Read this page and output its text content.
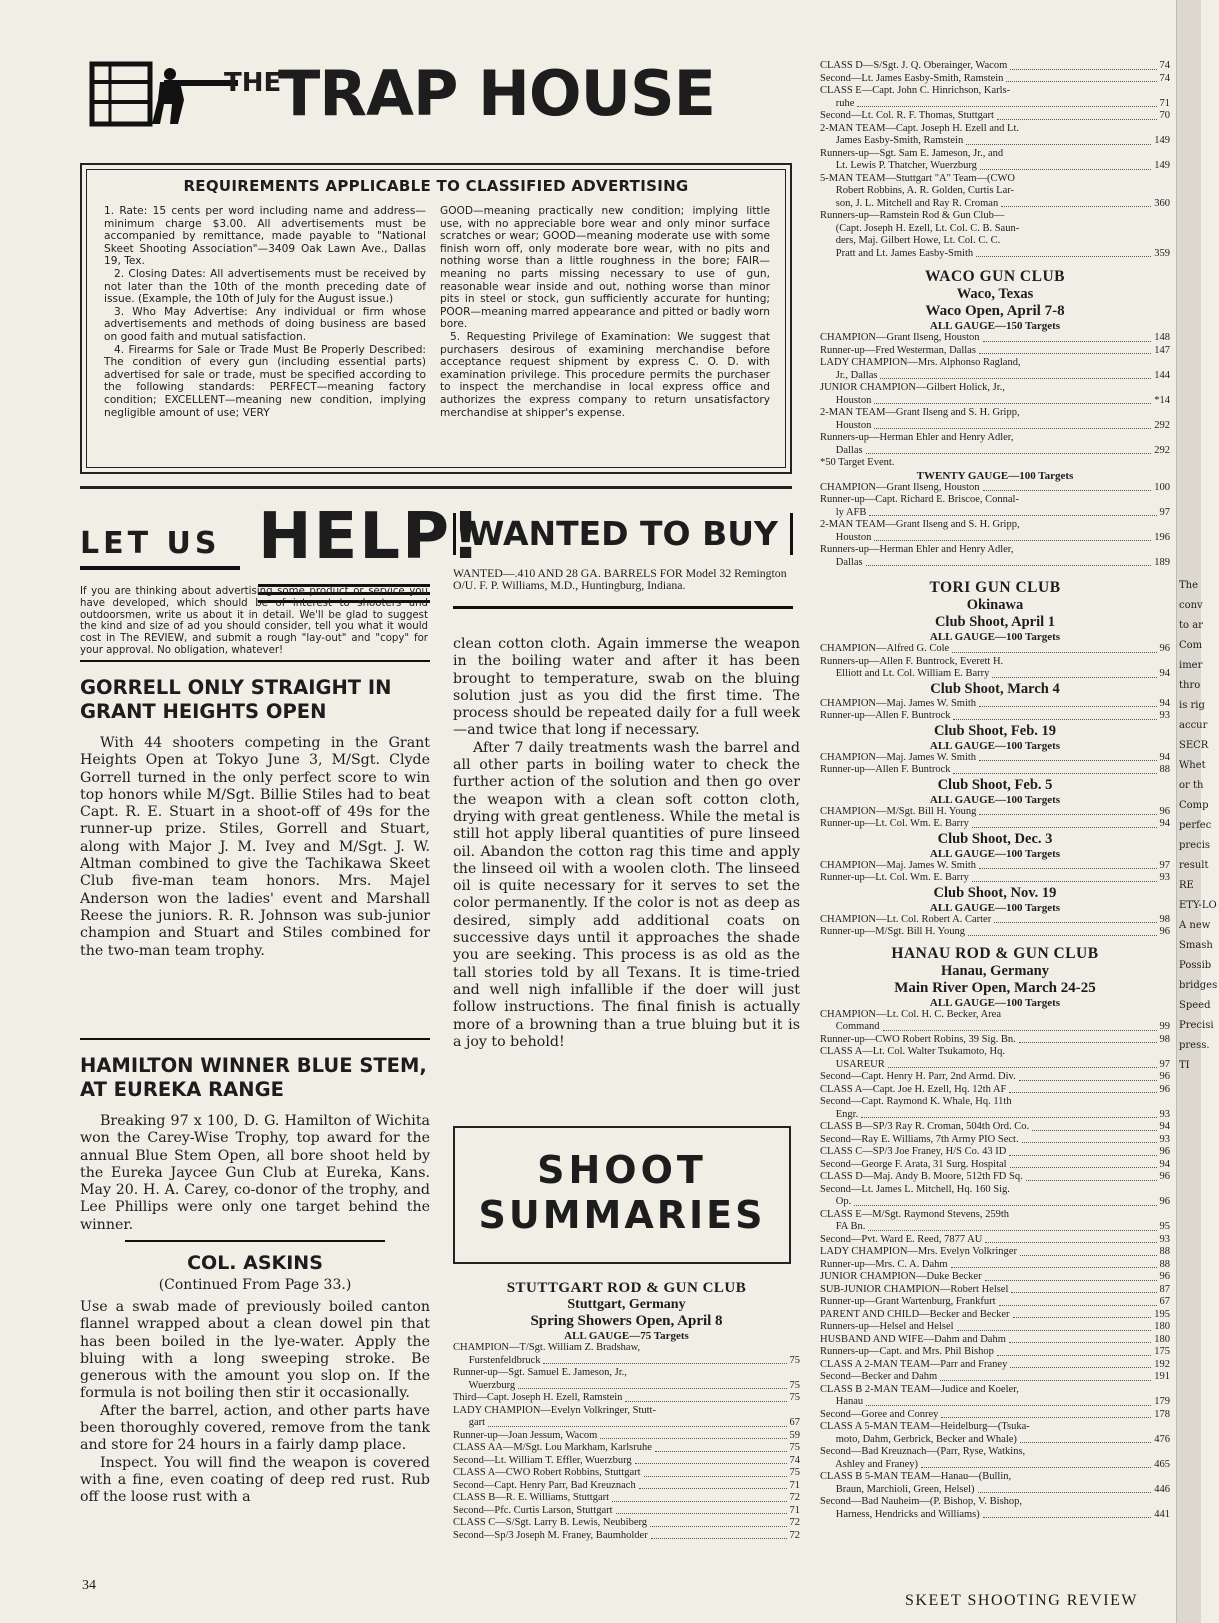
THE
TRAP HOUSE
REQUIREMENTS APPLICABLE TO CLASSIFIED ADVERTISING

1. Rate: 15 cents per word including name and address—minimum charge $3.00. All advertisements must be accompanied by remittance, made payable to "National Skeet Shooting Association"—3409 Oak Lawn Ave., Dallas 19, Tex.

2. Closing Dates: All advertisements must be received by not later than the 10th of the month preceding date of issue. (Example, the 10th of July for the August issue.)

3. Who May Advertise: Any individual or firm whose advertisements and methods of doing business are based on good faith and mutual satisfaction.

4. Firearms for Sale or Trade Must Be Properly Described: The condition of every gun (including essential parts) advertised for sale or trade, must be specified according to the following standards: PERFECT—meaning factory condition; EXCELLENT—meaning new condition, implying negligible amount of use; VERY

GOOD—meaning practically new condition; implying little use, with no appreciable bore wear and only minor surface scratches or wear; GOOD—meaning moderate use with some finish worn off, only moderate bore wear, with no pits and nothing worse than a little roughness in the bore; FAIR—meaning no parts missing necessary to use of gun, reasonable wear inside and out, nothing worse than minor pits in steel or stock, gun sufficiently accurate for hunting; POOR—meaning marred appearance and pitted or badly worn bore.

5. Requesting Privilege of Examination: We suggest that purchasers desirous of examining merchandise before acceptance request shipment by express C. O. D. with examination privilege. This procedure permits the purchaser to inspect the merchandise in local express office and authorizes the express company to return unsatisfactory merchandise at shipper's expense.

LET US HELP!

If you are thinking about advertising some product or service you have developed, which should be of interest to shooters and outdoorsmen, write us about it in detail. We'll be glad to suggest the kind and size of ad you should consider, tell you what it would cost in The REVIEW, and submit a rough "lay-out" and "copy" for your approval. No obligation, whatever!

WANTED TO BUY

WANTED—.410 AND 28 GA. BARRELS FOR Model 32 Remington O/U. F. P. Williams, M.D., Huntingburg, Indiana.

GORRELL ONLY STRAIGHT IN GRANT HEIGHTS OPEN

With 44 shooters competing in the Grant Heights Open at Tokyo June 3, M/Sgt. Clyde Gorrell turned in the only perfect score to win top honors while M/Sgt. Billie Stiles had to beat Capt. R. E. Stuart in a shoot-off of 49s for the runner-up prize. Stiles, Gorrell and Stuart, along with Major J. M. Ivey and M/Sgt. J. W. Altman combined to give the Tachikawa Skeet Club five-man team honors. Mrs. Majel Anderson won the ladies' event and Marshall Reese the juniors. R. R. Johnson was sub-junior champion and Stuart and Stiles combined for the two-man team trophy.

HAMILTON WINNER BLUE STEM, AT EUREKA RANGE

Breaking 97 x 100, D. G. Hamilton of Wichita won the Carey-Wise Trophy, top award for the annual Blue Stem Open, all bore shoot held by the Eureka Jaycee Gun Club at Eureka, Kans. May 20. H. A. Carey, co-donor of the trophy, and Lee Phillips were only one target behind the winner.

COL. ASKINS
(Continued From Page 33.)

Use a swab made of previously boiled canton flannel wrapped about a clean dowel pin that has been boiled in the lye-water. Apply the bluing with a long sweeping stroke. Be generous with the amount you slop on. If the formula is not boiling then stir it occasionally.

After the barrel, action, and other parts have been thoroughly covered, remove from the tank and store for 24 hours in a fairly damp place.

Inspect. You will find the weapon is covered with a fine, even coating of deep red rust. Rub off the loose rust with a

clean cotton cloth. Again immerse the weapon in the boiling water and after it has been brought to temperature, swab on the bluing solution just as you did the first time. The process should be repeated daily for a full week—and twice that long if necessary.

After 7 daily treatments wash the barrel and all other parts in boiling water to check the further action of the solution and then go over the weapon with a clean soft cotton cloth, drying with great gentleness. While the metal is still hot apply liberal quantities of pure linseed oil. Abandon the cotton rag this time and apply the linseed oil with a woolen cloth. The linseed oil is quite necessary for it serves to set the color permanently. If the color is not as deep as desired, simply add additional coats on successive days until it approaches the shade you are seeking. This process is as old as the tall stories told by all Texans. It is time-tried and well nigh infallible if the doer will just follow instructions. The final finish is actually more of a browning than a true bluing but it is a joy to behold!

SHOOT
SUMMARIES
STUTTGART ROD & GUN CLUB
Stuttgart, Germany
Spring Showers Open, April 8
ALL GAUGE—75 Targets
CHAMPION—T/Sgt. William Z. Bradshaw,
Furstenfeldbruck	75
Runner-up—Sgt. Samuel E. Jameson, Jr.,
Wuerzburg	75
Third—Capt. Joseph H. Ezell, Ramstein	75
LADY CHAMPION—Evelyn Volkringer, Stutt-
gart	67
Runner-up—Joan Jessum, Wacom	59
CLASS AA—M/Sgt. Lou Markham, Karlsruhe	75
Second—Lt. William T. Effler, Wuerzburg	74
CLASS A—CWO Robert Robbins, Stuttgart	75
Second—Capt. Henry Parr, Bad Kreuznach	71
CLASS B—R. E. Williams, Stuttgart	72
Second—Pfc. Curtis Larson, Stuttgart	71
CLASS C—S/Sgt. Larry B. Lewis, Neubiberg	72
Second—Sp/3 Joseph M. Franey, Baumholder	72
CLASS D—S/Sgt. J. Q. Oberainger, Wacom	74
Second—Lt. James Easby-Smith, Ramstein	74
CLASS E—Capt. John C. Hinrichson, Karls-
ruhe	71
Second—Lt. Col. R. F. Thomas, Stuttgart	70
2-MAN TEAM—Capt. Joseph H. Ezell and Lt.
James Easby-Smith, Ramstein	149
Runners-up—Sgt. Sam E. Jameson, Jr., and
Lt. Lewis P. Thatcher, Wuerzburg	149
5-MAN TEAM—Stuttgart "A" Team—(CWO
Robert Robbins, A. R. Golden, Curtis Lar-
son, J. L. Mitchell and Ray R. Croman	360
Runners-up—Ramstein Rod & Gun Club—
(Capt. Joseph H. Ezell, Lt. Col. C. B. Saun-
ders, Maj. Gilbert Howe, Lt. Col. C. C.
Pratt and Lt. James Easby-Smith	359
WACO GUN CLUB
Waco, Texas
Waco Open, April 7-8
ALL GAUGE—150 Targets
CHAMPION—Grant Ilseng, Houston	148
Runner-up—Fred Westerman, Dallas	147
LADY CHAMPION—Mrs. Alphonso Ragland,
Jr., Dallas	144
JUNIOR CHAMPION—Gilbert Holick, Jr.,
Houston	*14
2-MAN TEAM—Grant Ilseng and S. H. Gripp,
Houston	292
Runners-up—Herman Ehler and Henry Adler,
Dallas	292
*50 Target Event.
TWENTY GAUGE—100 Targets
CHAMPION—Grant Ilseng, Houston	100
Runner-up—Capt. Richard E. Briscoe, Connal-
ly AFB	97
2-MAN TEAM—Grant Ilseng and S. H. Gripp,
Houston	196
Runners-up—Herman Ehler and Henry Adler,
Dallas	189
TORI GUN CLUB
Okinawa
Club Shoot, April 1
ALL GAUGE—100 Targets
CHAMPION—Alfred G. Cole	96
Runners-up—Allen F. Buntrock, Everett H.
Elliott and Lt. Col. William E. Barry	94
Club Shoot, March 4
CHAMPION—Maj. James W. Smith	94
Runner-up—Allen F. Buntrock	93
Club Shoot, Feb. 19
ALL GAUGE—100 Targets
CHAMPION—Maj. James W. Smith	94
Runner-up—Allen F. Buntrock	88
Club Shoot, Feb. 5
ALL GAUGE—100 Targets
CHAMPION—M/Sgt. Bill H. Young	96
Runner-up—Lt. Col. Wm. E. Barry	94
Club Shoot, Dec. 3
ALL GAUGE—100 Targets
CHAMPION—Maj. James W. Smith	97
Runner-up—Lt. Col. Wm. E. Barry	93
Club Shoot, Nov. 19
ALL GAUGE—100 Targets
CHAMPION—Lt. Col. Robert A. Carter	98
Runner-up—M/Sgt. Bill H. Young	96
HANAU ROD & GUN CLUB
Hanau, Germany
Main River Open, March 24-25
ALL GAUGE—100 Targets
CHAMPION—Lt. Col. H. C. Becker, Area
Command	99
Runner-up—CWO Robert Robins, 39 Sig. Bn.	98
CLASS A—Lt. Col. Walter Tsukamoto, Hq.
USAREUR	97
Second—Capt. Henry H. Parr, 2nd Armd. Div.	96
CLASS A—Capt. Joe H. Ezell, Hq. 12th AF	96
Second—Capt. Raymond K. Whale, Hq. 11th
Engr.	93
CLASS B—SP/3 Ray R. Croman, 504th Ord. Co.	94
Second—Ray E. Williams, 7th Army PIO Sect.	93
CLASS C—SP/3 Joe Franey, H/S Co. 43 ID	96
Second—George F. Arata, 31 Surg. Hospital	94
CLASS D—Maj. Andy B. Moore, 512th FD Sq.	96
Second—Lt. James L. Mitchell, Hq. 160 Sig.
Op.	96
CLASS E—M/Sgt. Raymond Stevens, 259th
FA Bn.	95
Second—Pvt. Ward E. Reed, 7877 AU	93
LADY CHAMPION—Mrs. Evelyn Volkringer	88
Runner-up—Mrs. C. A. Dahm	88
JUNIOR CHAMPION—Duke Becker	96
SUB-JUNIOR CHAMPION—Robert Helsel	87
Runner-up—Grant Wartenburg, Frankfurt	67
PARENT AND CHILD—Becker and Becker	195
Runners-up—Helsel and Helsel	180
HUSBAND AND WIFE—Dahm and Dahm	180
Runners-up—Capt. and Mrs. Phil Bishop	175
CLASS A 2-MAN TEAM—Parr and Franey	192
Second—Becker and Dahm	191
CLASS B 2-MAN TEAM—Judice and Koeler,
Hanau	179
Second—Goree and Conrey	178
CLASS A 5-MAN TEAM—Heidelburg—(Tsuka-
moto, Dahm, Gerbrick, Becker and Whale)	476
Second—Bad Kreuznach—(Parr, Ryse, Watkins,
Ashley and Franey)	465
CLASS B 5-MAN TEAM—Hanau—(Bullin,
Braun, Marchioli, Green, Helsel)	446
Second—Bad Nauheim—(P. Bishop, V. Bishop,
Harness, Hendricks and Williams)	441
34
SKEET SHOOTING REVIEW
The
conv
to ar
Com
imer
thro
is rig
accur
SECR
Whet
or th
Comp
perfec
precis
result
RE
ETY-LO
A new
Smash
Possib
bridges
Speed
Precisi
press.
TI
